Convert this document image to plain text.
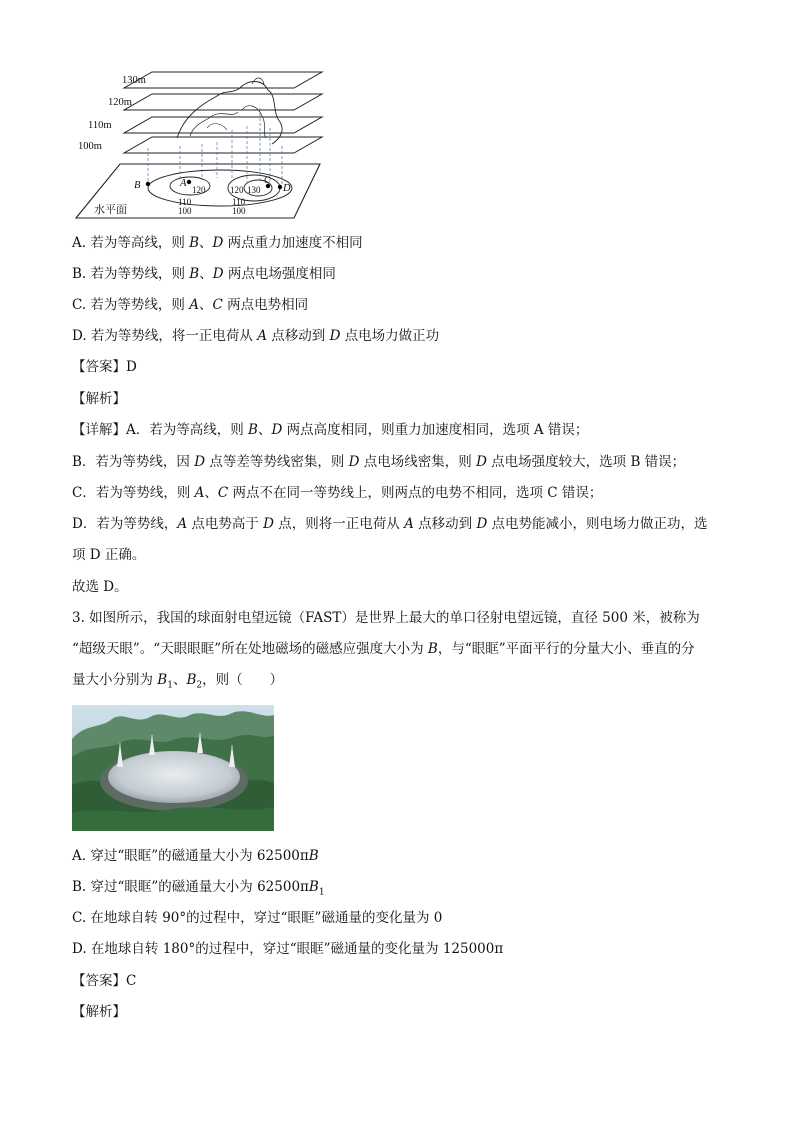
130m
120m
110m
100m
B	A	C
D
120
110
100
120 130
110
100
水平面
A. 若为等高线，则 B、D 两点重力加速度不相同
B. 若为等势线，则 B、D 两点电场强度相同
C. 若为等势线，则 A、C 两点电势相同
D. 若为等势线，将一正电荷从 A 点移动到 D 点电场力做正功
【答案】D
【解析】
【详解】A．若为等高线，则 B、D 两点高度相同，则重力加速度相同，选项 A 错误；
B．若为等势线，因 D 点等差等势线密集，则 D 点电场线密集，则 D 点电场强度较大，选项 B 错误；
C．若为等势线，则 A、C 两点不在同一等势线上，则两点的电势不相同，选项 C 错误；
D．若为等势线，A 点电势高于 D 点，则将一正电荷从 A 点移动到 D 点电势能减小，则电场力做正功，选
项 D 正确。
故选 D。
3. 如图所示，我国的球面射电望远镜（FAST）是世界上最大的单口径射电望远镜，直径 500 米，被称为
“超级天眼”。“天眼眼眶”所在处地磁场的磁感应强度大小为 B，与“眼眶”平面平行的分量大小、垂直的分
量大小分别为 $B_1$、$B_2$，则（　　）
A. 穿过“眼眶”的磁通量大小为 62500πB
B. 穿过“眼眶”的磁通量大小为 $62500\pi B_1$
C. 在地球自转 90°的过程中，穿过“眼眶”磁通量的变化量为 0
D. 在地球自转 180°的过程中，穿过“眼眶”磁通量的变化量为 125000π
【答案】C
【解析】
